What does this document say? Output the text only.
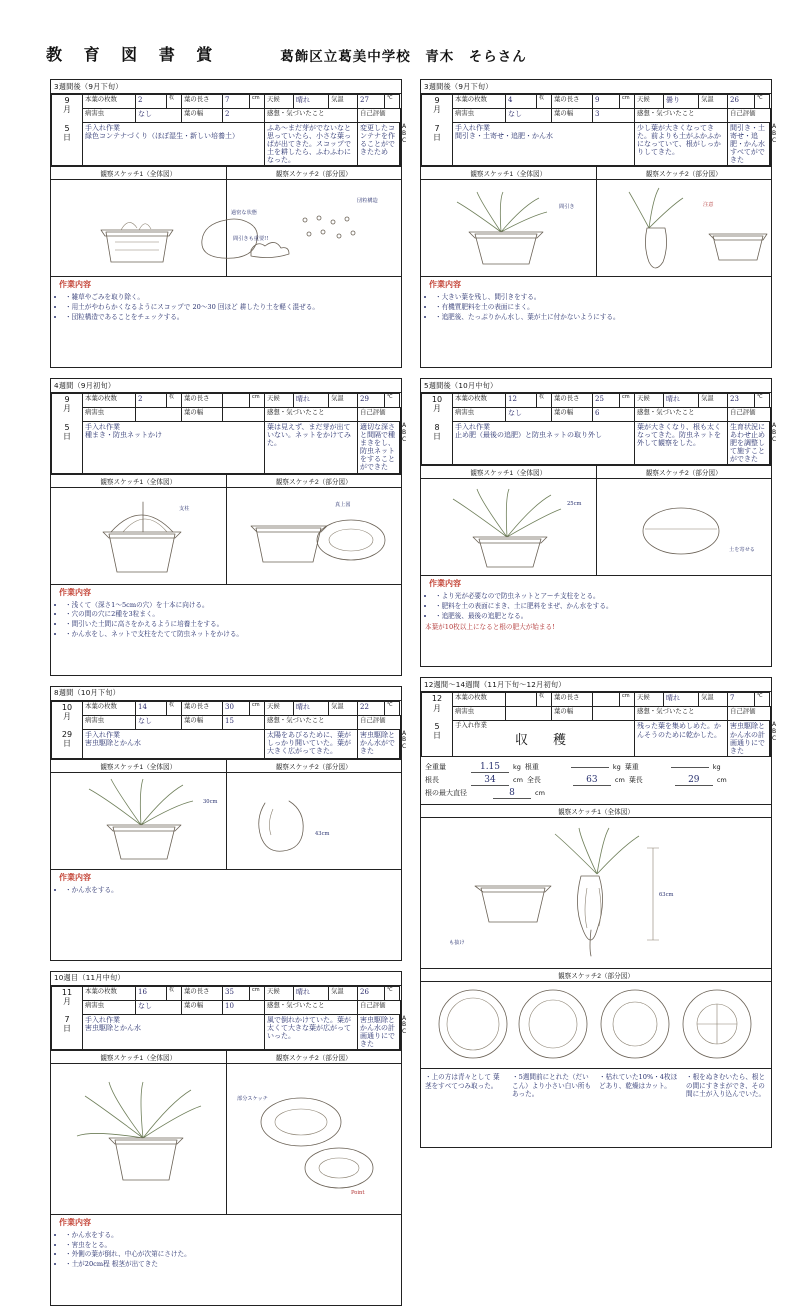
教 育 図 書 賞	葛飾区立葛美中学校　青木　そらさん
3週間後（9月下旬）
9
月

5
日	本葉の枚数	2	枚	葉の長さ	7	cm	天候	晴れ	気温	27	℃	
	病害虫	なし		葉の幅	2		感想・気づいたこと			自己評価		

手入れ作業
緑色コンテナづくり（ほぼ湿生・新しい培養土）
	ふあ〜まだ芽がでないなと思っていたら、小さな葉っぱが出てきた。スコップで土を耕したら、ふわふわになった。	変更したコンテナを作ることができたため	A
B
C
観察スケッチ1（全体図）	観察スケッチ2（部分図）
過密な状態
間引きも重要!!
団粒構造
作業内容
• ・雑草やごみを取り除く。
• ・用土がやわらかくなるようにスコップで 20〜30 回ほど 耕したり土を軽く混ぜる。
• ・団粒構造であることをチェックする。
4週間（9月初旬）
9
月

5
日	本葉の枚数	2	枚	葉の長さ		cm	天候	晴れ	気温	29	℃	
	病害虫			葉の幅			感想・気づいたこと			自己評価		

手入れ作業
種まき・防虫ネットかけ
	葉は見えず、まだ芽が出ていない。ネットをかけてみた。	適切な深さと間隔で種まきをし、防虫ネットをすることができた	A
B
C
観察スケッチ1（全体図）	観察スケッチ2（部分図）
支柱
真上図
作業内容
• ・浅くて（深さ1〜5cmの穴）を十本に向ける。
• ・穴の間の穴に2種を3粒まく。
• ・間引いた土間に高さをかえるように培養土をする。
• ・かん水をし、ネットで支柱をたてて防虫ネットをかける。
8週間（10月下旬）
10
月

29
日	本葉の枚数	14	枚	葉の長さ	30	cm	天候	晴れ	気温	22	℃	
	病害虫	なし		葉の幅	15		感想・気づいたこと			自己評価		

手入れ作業
害虫駆除とかん水
	太陽をあびるために、葉がしっかり開いていた。葉が大きく広がってきた。	害虫駆除とかん水ができた	A
B
C
観察スケッチ1（全体図）	観察スケッチ2（部分図）
30cm
43cm
作業内容
• ・かん水をする。
10週目（11月中旬）
11
月

7
日	本葉の枚数	16	枚	葉の長さ	35	cm	天候	晴れ	気温	26	℃	
	病害虫	なし		葉の幅	10		感想・気づいたこと			自己評価		

手入れ作業
害虫駆除とかん水
	風で倒れかけていた。葉が太くて大きな葉が広がっていった。	害虫駆除とかん水の計画通りにできた	A
B
C
観察スケッチ1（全体図）	観察スケッチ2（部分図）
部分スケッチ
Point
作業内容
• ・かん水をする。
• ・害虫をとる。
• ・外側の葉が倒れ、中心が次第にさけた。
• ・土が20cm程 根茎が出てきた
3週間後（9月下旬）
9
月

7
日	本葉の枚数	4	枚	葉の長さ	9	cm	天候	曇り	気温	26	℃	
	病害虫	なし		葉の幅	3		感想・気づいたこと			自己評価		

手入れ作業
間引き・土寄せ・追肥・かん水
	少し葉が大きくなってきた。前よりも土がふかふかになっていて、根がしっかりしてきた。	間引き・土寄せ・追肥・かん水すべてができた	A
B
C
観察スケッチ1（全体図）	観察スケッチ2（部分図）
間引き	注意
作業内容
• ・大きい葉を残し、間引きをする。
• ・有機質肥料を土の表面にまく。
• ・追肥後、たっぷりかん水し、葉が土に付かないようにする。
5週間後（10月中旬）
10
月

8
日	本葉の枚数	12	枚	葉の長さ	25	cm	天候	晴れ	気温	23	℃	
	病害虫	なし		葉の幅	6		感想・気づいたこと			自己評価		

手入れ作業
止め肥（最後の追肥）と防虫ネットの取り外し
	葉が大きくなり、根も太くなってきた。防虫ネットを外して観察をした。	生育状況にあわせ止め肥を調整して施すことができた	A
B
C
観察スケッチ1（全体図）	観察スケッチ2（部分図）
25cm
土を寄せる
作業内容
• ・より光が必要なので防虫ネットとアーチ支柱をとる。
• ・肥料を土の表面にまき、土に肥料をまぜ、かん水をする。
• ・追肥後、最後の追肥となる。
本葉が10枚以上になると根の肥大が始まる!
12週間〜14週間（11月下旬〜12月初旬）
12
月

5
日	本葉の枚数		枚	葉の長さ		cm	天候	晴れ	気温	7	℃	
	病害虫			葉の幅			感想・気づいたこと			自己評価		

手入れ作業
収　穫
	残った葉を集めしめた。かんそうのために乾かした。	害虫駆除とかん水の計画通りにできた	A
B
C
全重量	1.15	kg 根重	kg 葉重	kg
根長	34	cm 全長	63	cm 葉長	29	cm
根の最大直径	8	cm
観察スケッチ1（全体図）
63cm
も抜け
観察スケッチ2（部分図）
・上の方は青々として 葉茎をすべてつみ取った。
・5週間前にとれた（だいこん）より小さい白い所もあった。
・枯れていた10%・4枚ほどあり、乾燥はカット。
・根をぬきむいたら、根との間にすきまができ、その間に土が入り込んでいた。
